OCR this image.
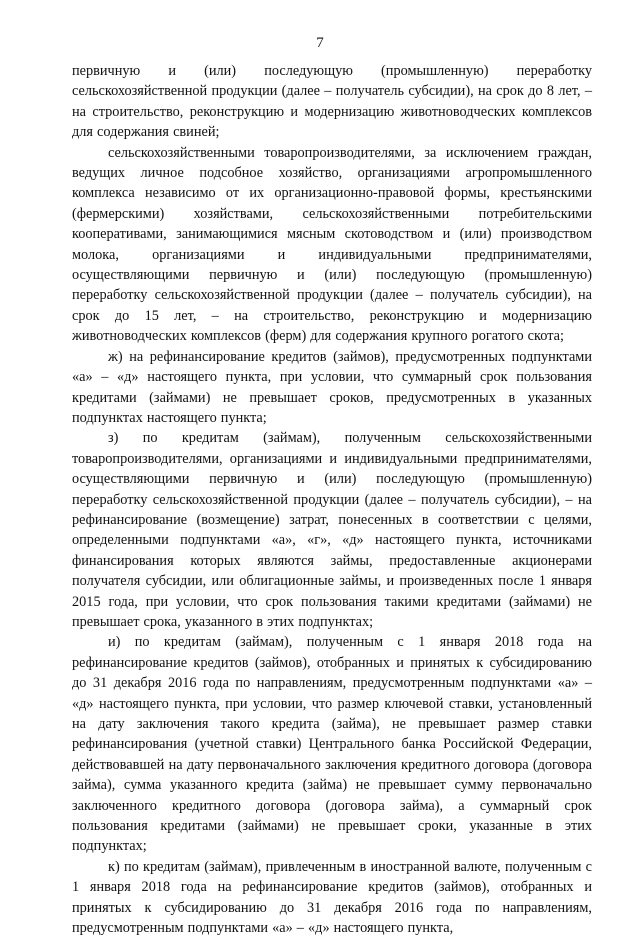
7

первичную и (или) последующую (промышленную) переработку сельскохозяйственной продукции (далее – получатель субсидии), на срок до 8 лет, – на строительство, реконструкцию и модернизацию животноводческих комплексов для содержания свиней;

сельскохозяйственными товаропроизводителями, за исключением граждан, ведущих личное подсобное хозяйство, организациями агропромышленного комплекса независимо от их организационно-правовой формы, крестьянскими (фермерскими) хозяйствами, сельскохозяйственными потребительскими кооперативами, занимающимися мясным скотоводством и (или) производством молока, организациями и индивидуальными предпринимателями, осуществляющими первичную и (или) последующую (промышленную) переработку сельскохозяйственной продукции (далее – получатель субсидии), на срок до 15 лет, – на строительство, реконструкцию и модернизацию животноводческих комплексов (ферм) для содержания крупного рогатого скота;

ж) на рефинансирование кредитов (займов), предусмотренных подпунктами «а» – «д» настоящего пункта, при условии, что суммарный срок пользования кредитами (займами) не превышает сроков, предусмотренных в указанных подпунктах настоящего пункта;

з) по кредитам (займам), полученным сельскохозяйственными товаропроизводителями, организациями и индивидуальными предпринимателями, осуществляющими первичную и (или) последующую (промышленную) переработку сельскохозяйственной продукции (далее – получатель субсидии), – на рефинансирование (возмещение) затрат, понесенных в соответствии с целями, определенными подпунктами «а», «г», «д» настоящего пункта, источниками финансирования которых являются займы, предоставленные акционерами получателя субсидии, или облигационные займы, и произведенных после 1 января 2015 года, при условии, что срок пользования такими кредитами (займами) не превышает срока, указанного в этих подпунктах;

и) по кредитам (займам), полученным с 1 января 2018 года на рефинансирование кредитов (займов), отобранных и принятых к субсидированию до 31 декабря 2016 года по направлениям, предусмотренным подпунктами «а» – «д» настоящего пункта, при условии, что размер ключевой ставки, установленный на дату заключения такого кредита (займа), не превышает размер ставки рефинансирования (учетной ставки) Центрального банка Российской Федерации, действовавшей на дату первоначального заключения кредитного договора (договора займа), сумма указанного кредита (займа) не превышает сумму первоначально заключенного кредитного договора (договора займа), а суммарный срок пользования кредитами (займами) не превышает сроки, указанные в этих подпунктах;

к) по кредитам (займам), привлеченным в иностранной валюте, полученным с 1 января 2018 года на рефинансирование кредитов (займов), отобранных и принятых к субсидированию до 31 декабря 2016 года по направлениям, предусмотренным подпунктами «а» – «д» настоящего пункта,
